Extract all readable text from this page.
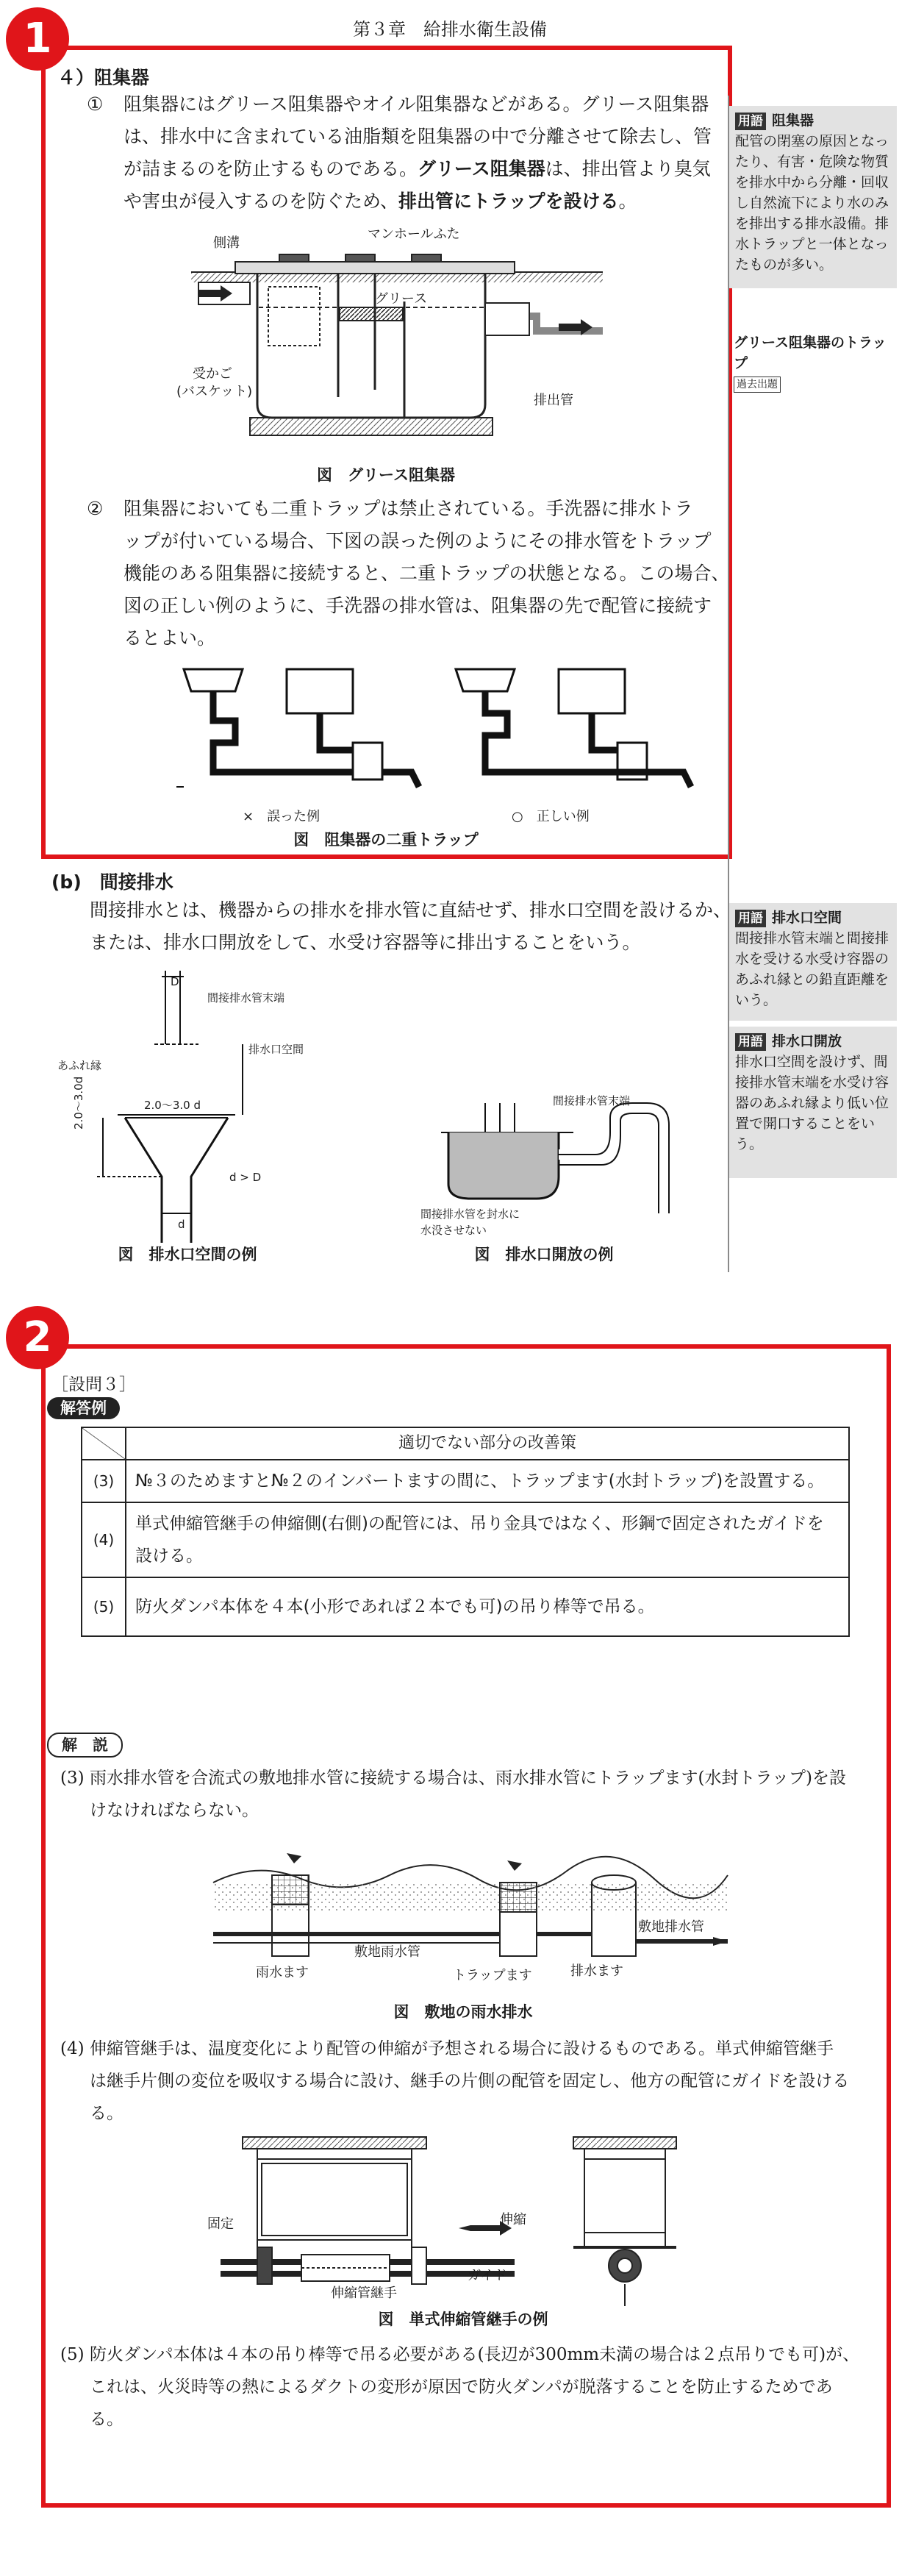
1
2
第３章　給排水衛生設備
４）阻集器
① 阻集器にはグリース阻集器やオイル阻集器などがある。グリース阻集器
は、排水中に含まれている油脂類を阻集器の中で分離させて除去し、管
が詰まるのを防止するものである。グリース阻集器は、排出管より臭気
や害虫が侵入するのを防ぐため、排出管にトラップを設ける。
側溝
マンホールふた
グリース
受かご
(バスケット)
排出管
図　グリース阻集器
② 阻集器においても二重トラップは禁止されている。手洗器に排水トラ
ップが付いている場合、下図の誤った例のようにその排水管をトラップ
機能のある阻集器に接続すると、二重トラップの状態となる。この場合、
図の正しい例のように、手洗器の排水管は、阻集器の先で配管に接続す
るとよい。
×　誤った例	○　正しい例
図　阻集器の二重トラップ
用語 阻集器
配管の閉塞の原因となったり、有害・危険な物質を排水中から分離・回収し自然流下により水のみを排出する排水設備。排水トラップと一体となったものが多い。
グリース阻集器のトラップ
過去出題
用語 排水口空間
間接排水管末端と間接排水を受ける水受け容器のあふれ縁との鉛直距離をいう。
用語 排水口開放
排水口空間を設けず、間接排水管末端を水受け容器のあふれ縁より低い位置で開口することをいう。
(b)　間接排水
間接排水とは、機器からの排水を排水管に直結せず、排水口空間を設けるか、
または、排水口開放をして、水受け容器等に排出することをいう。
D
間接排水管末端
排水口空間
あふれ縁
2.0〜3.0 d
2.0〜3.0d
d
d > D
図　排水口空間の例
間接排水管末端
間接排水管を封水に
水没させない
図　排水口開放の例
［設問３］
解答例
	適切でない部分の改善策
(3)	№３のためますと№２のインバートますの間に、トラップます(水封トラップ)を設置する。
(4)	単式伸縮管継手の伸縮側(右側)の配管には、吊り金具ではなく、形鋼で固定されたガイドを設ける。
(5)	防火ダンパ本体を４本(小形であれば２本でも可)の吊り棒等で吊る。
解　説
(3) 雨水排水管を合流式の敷地排水管に接続する場合は、雨水排水管にトラップます(水封トラップ)を設
けなければならない。
雨水ます
敷地雨水管
トラップます	排水ます
敷地排水管
図　敷地の雨水排水
(4) 伸縮管継手は、温度変化により配管の伸縮が予想される場合に設けるものである。単式伸縮管継手
は継手片側の変位を吸収する場合に設け、継手の片側の配管を固定し、他方の配管にガイドを設ける
る。
固定	伸縮
ガイド
伸縮管継手
図　単式伸縮管継手の例
(5) 防火ダンパ本体は４本の吊り棒等で吊る必要がある(長辺が300mm未満の場合は２点吊りでも可)が、
これは、火災時等の熱によるダクトの変形が原因で防火ダンパが脱落することを防止するためであ
る。
